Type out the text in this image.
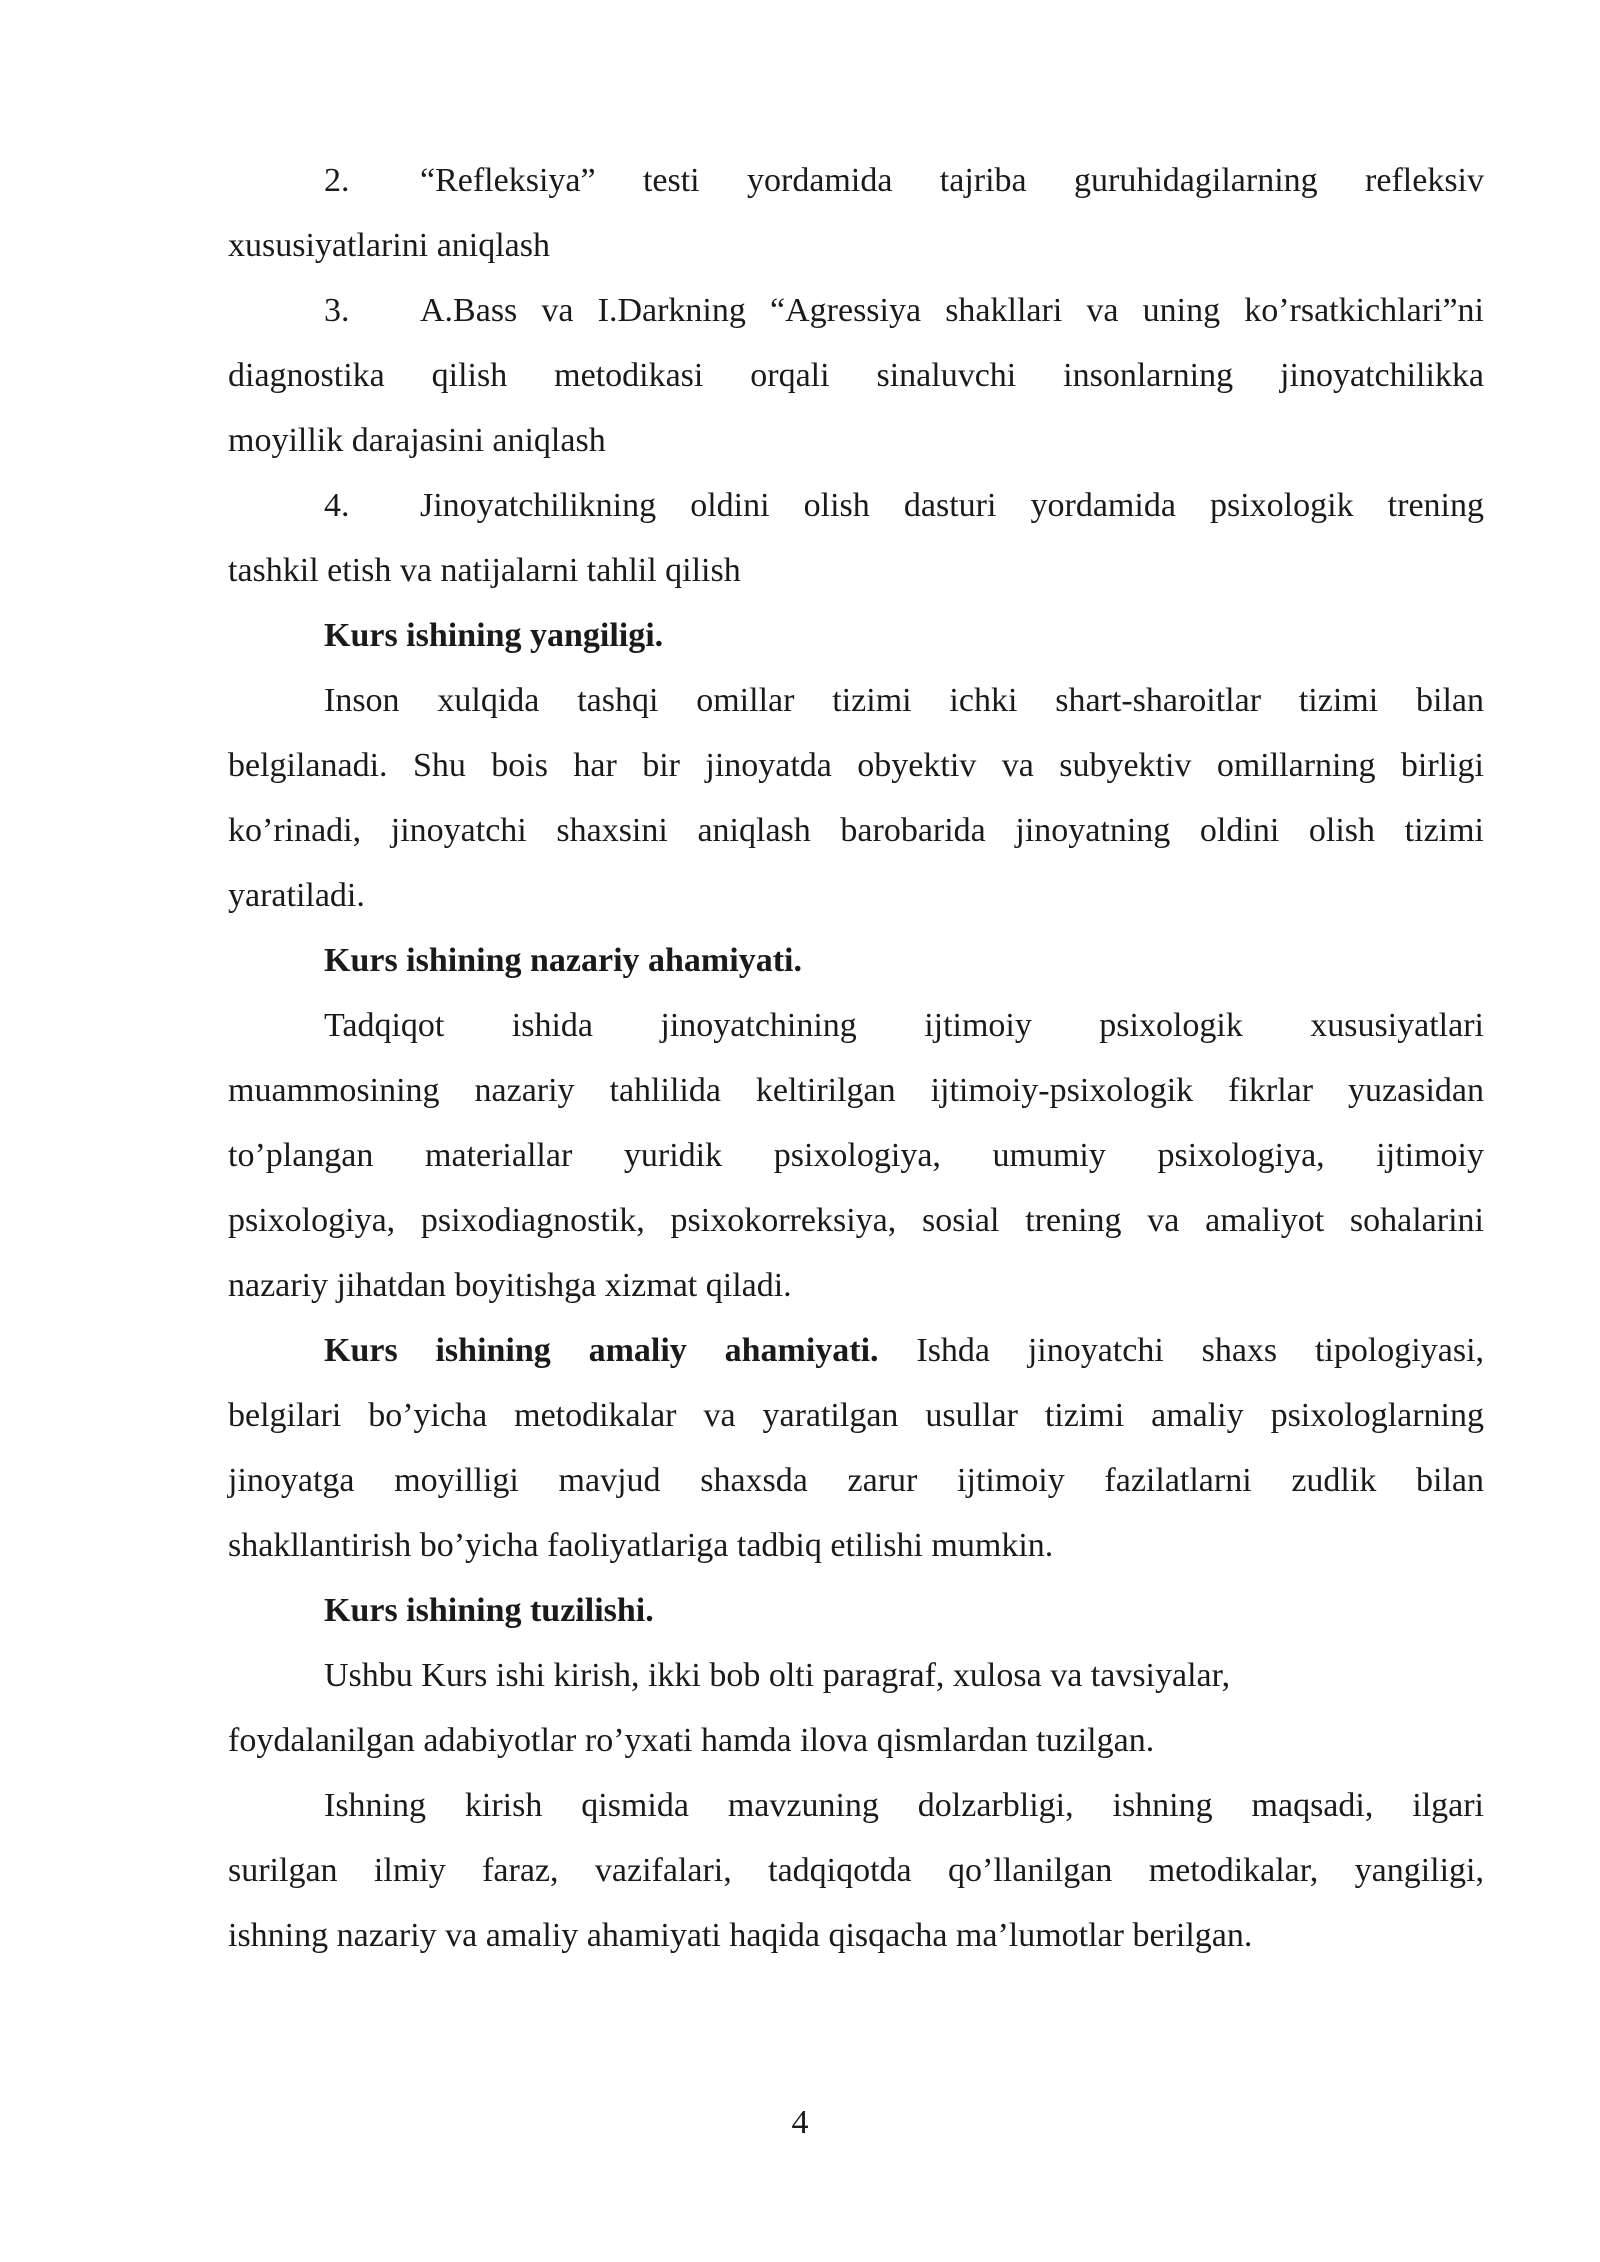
2. “Refleksiya” testi yordamida tajriba guruhidagilarning refleksiv
xususiyatlarini aniqlash
3. A.Bass va I.Darkning “Agressiya shakllari va uning ko’rsatkichlari”ni
diagnostika qilish metodikasi orqali sinaluvchi insonlarning jinoyatchilikka
moyillik darajasini aniqlash
4. Jinoyatchilikning oldini olish dasturi yordamida psixologik trening
tashkil etish va natijalarni tahlil qilish
Kurs ishining yangiligi.
Inson xulqida tashqi omillar tizimi ichki shart-sharoitlar tizimi bilan
belgilanadi. Shu bois har bir jinoyatda obyektiv va subyektiv omillarning birligi
ko’rinadi, jinoyatchi shaxsini aniqlash barobarida jinoyatning oldini olish tizimi
yaratiladi.
Kurs ishining nazariy ahamiyati.
Tadqiqot ishida jinoyatchining ijtimoiy psixologik xususiyatlari
muammosining nazariy tahlilida keltirilgan ijtimoiy-psixologik fikrlar yuzasidan
to’plangan materiallar yuridik psixologiya, umumiy psixologiya, ijtimoiy
psixologiya, psixodiagnostik, psixokorreksiya, sosial trening va amaliyot sohalarini
nazariy jihatdan boyitishga xizmat qiladi.
Kurs ishining amaliy ahamiyati. Ishda jinoyatchi shaxs tipologiyasi,
belgilari bo’yicha metodikalar va yaratilgan usullar tizimi amaliy psixologlarning
jinoyatga moyilligi mavjud shaxsda zarur ijtimoiy fazilatlarni zudlik bilan
shakllantirish bo’yicha faoliyatlariga tadbiq etilishi mumkin.
Kurs ishining tuzilishi.
Ushbu Kurs ishi kirish, ikki bob olti paragraf, xulosa va tavsiyalar,
foydalanilgan adabiyotlar ro’yxati hamda ilova qismlardan tuzilgan.
Ishning kirish qismida mavzuning dolzarbligi, ishning maqsadi, ilgari
surilgan ilmiy faraz, vazifalari, tadqiqotda qo’llanilgan metodikalar, yangiligi,
ishning nazariy va amaliy ahamiyati haqida qisqacha ma’lumotlar berilgan.
4
